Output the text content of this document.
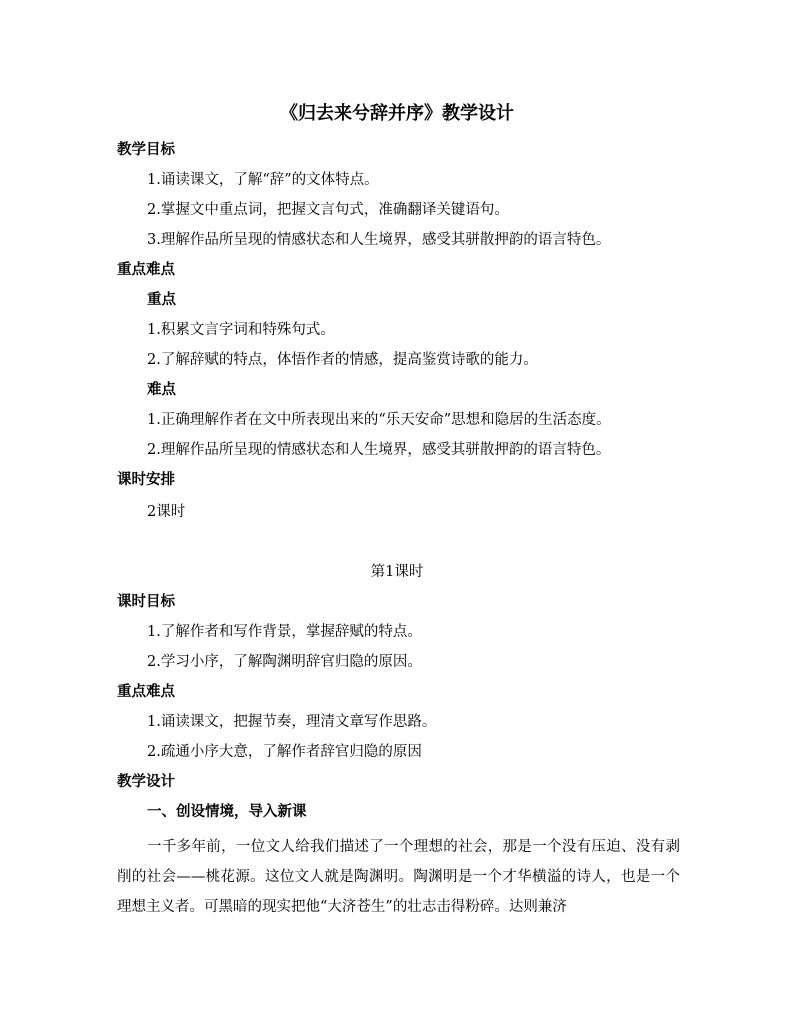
《归去来兮辞并序》教学设计
教学目标
1.诵读课文，了解“辞”的文体特点。
2.掌握文中重点词，把握文言句式，准确翻译关键语句。
3.理解作品所呈现的情感状态和人生境界，感受其骈散押韵的语言特色。
重点难点
重点
1.积累文言字词和特殊句式。
2.了解辞赋的特点，体悟作者的情感，提高鉴赏诗歌的能力。
难点
1.正确理解作者在文中所表现出来的“乐天安命”思想和隐居的生活态度。
2.理解作品所呈现的情感状态和人生境界，感受其骈散押韵的语言特色。
课时安排
2课时
第1课时
课时目标
1.了解作者和写作背景，掌握辞赋的特点。
2.学习小序，了解陶渊明辞官归隐的原因。
重点难点
1.诵读课文，把握节奏，理清文章写作思路。
2.疏通小序大意，了解作者辞官归隐的原因
教学设计
一、创设情境，导入新课
一千多年前，一位文人给我们描述了一个理想的社会，那是一个没有压迫、没有剥削的社会——桃花源。这位文人就是陶渊明。陶渊明是一个才华横溢的诗人，也是一个理想主义者。可黑暗的现实把他“大济苍生”的壮志击得粉碎。达则兼济
